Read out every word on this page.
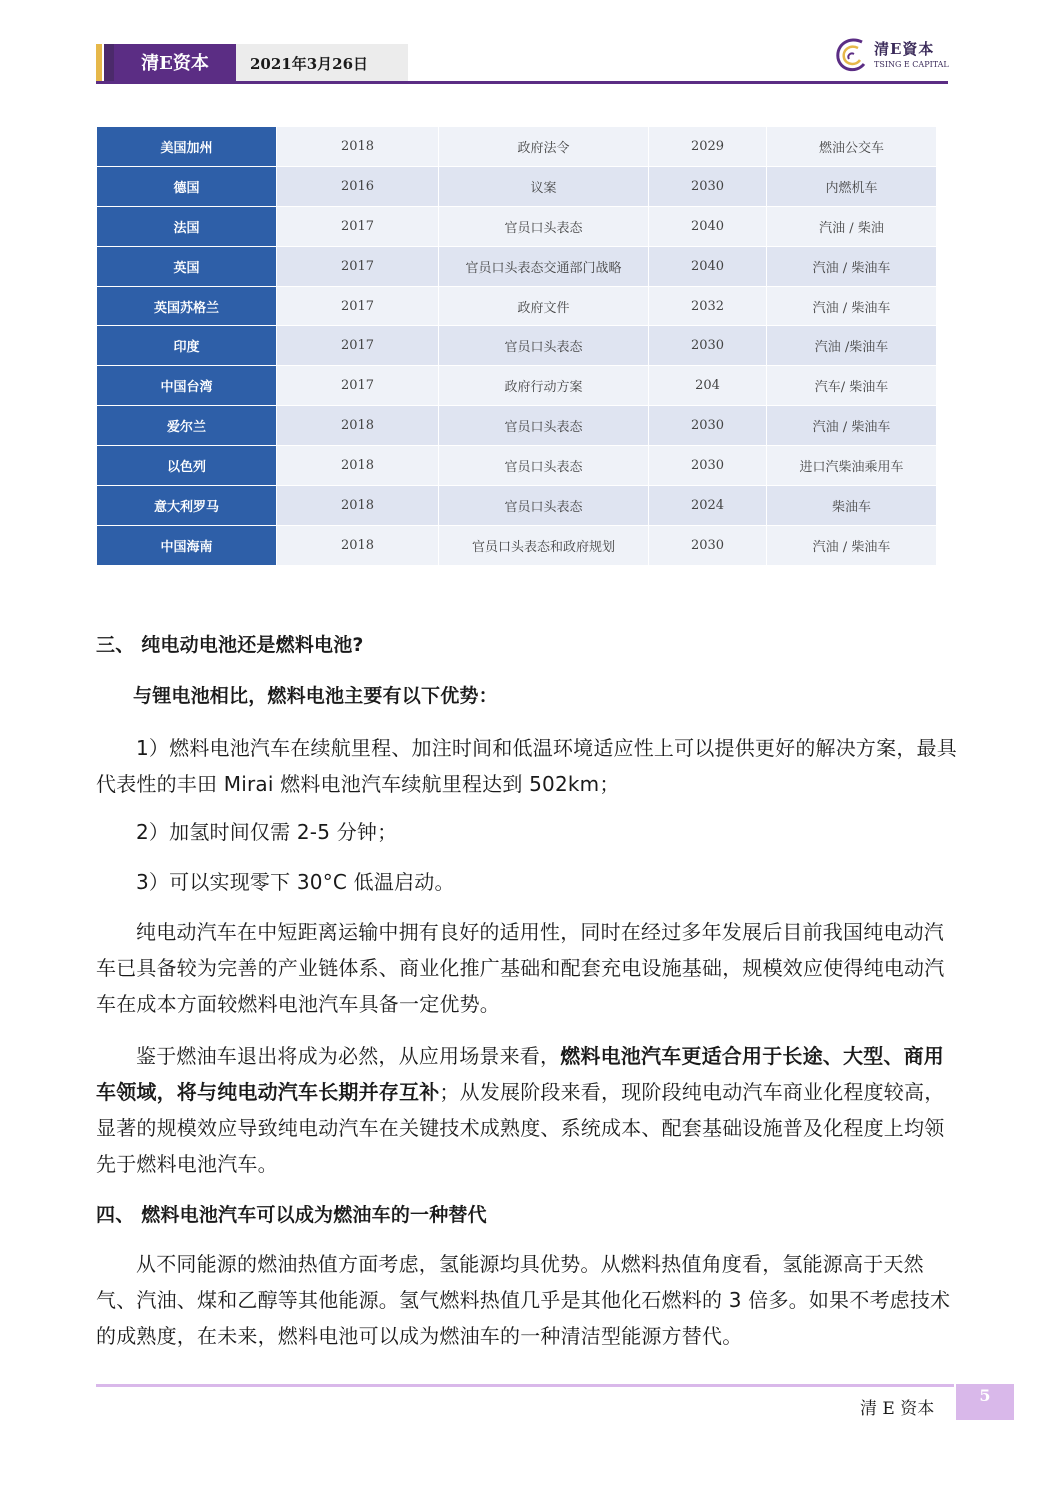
清E资本	2021年3月26日
清E資本
TSING E CAPITAL
美国加州	2018	政府法令	2029	燃油公交车
德国	2016	议案	2030	内燃机车
法国	2017	官员口头表态	2040	汽油 / 柴油
英国	2017	官员口头表态交通部门战略	2040	汽油 / 柴油车
英国苏格兰	2017	政府文件	2032	汽油 / 柴油车
印度	2017	官员口头表态	2030	汽油 /柴油车
中国台湾	2017	政府行动方案	204	汽车/ 柴油车
爱尔兰	2018	官员口头表态	2030	汽油 / 柴油车
以色列	2018	官员口头表态	2030	进口汽柴油乘用车
意大利罗马	2018	官员口头表态	2024	柴油车
中国海南	2018	官员口头表态和政府规划	2030	汽油 / 柴油车
三、 纯电动电池还是燃料电池?
与锂电池相比，燃料电池主要有以下优势：
1）燃料电池汽车在续航里程、加注时间和低温环境适应性上可以提供更好的解决方案，最具代表性的丰田 Mirai 燃料电池汽车续航里程达到 502km；
2）加氢时间仅需 2-5 分钟；
3）可以实现零下 30°C 低温启动。
纯电动汽车在中短距离运输中拥有良好的适用性，同时在经过多年发展后目前我国纯电动汽车已具备较为完善的产业链体系、商业化推广基础和配套充电设施基础，规模效应使得纯电动汽车在成本方面较燃料电池汽车具备一定优势。
鉴于燃油车退出将成为必然，从应用场景来看，燃料电池汽车更适合用于长途、大型、商用车领域，将与纯电动汽车长期并存互补；从发展阶段来看，现阶段纯电动汽车商业化程度较高，显著的规模效应导致纯电动汽车在关键技术成熟度、系统成本、配套基础设施普及化程度上均领先于燃料电池汽车。
四、 燃料电池汽车可以成为燃油车的一种替代
从不同能源的燃油热值方面考虑，氢能源均具优势。从燃料热值角度看，氢能源高于天然气、汽油、煤和乙醇等其他能源。氢气燃料热值几乎是其他化石燃料的 3 倍多。如果不考虑技术的成熟度，在未来，燃料电池可以成为燃油车的一种清洁型能源方替代。
清 E 资本
5
